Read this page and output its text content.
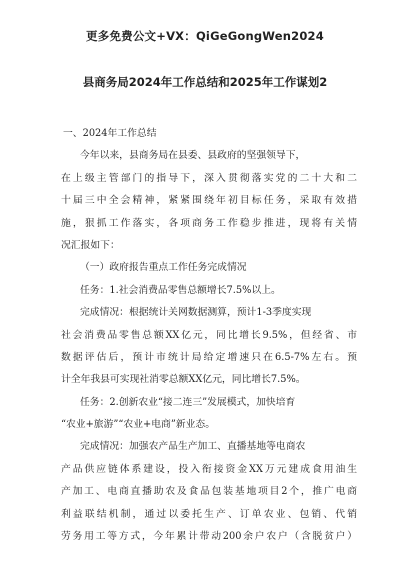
更多免费公文+VX：QiGeGongWen2024
县商务局2024年工作总结和2025年工作谋划2
一、2024年工作总结
今年以来，县商务局在县委、县政府的坚强领导下，
在上级主管部门的指导下，深入贯彻落实党的二十大和二
十届三中全会精神，紧紧围绕年初目标任务，采取有效措
施，狠抓工作落实，各项商务工作稳步推进，现将有关情
况汇报如下：
（一）政府报告重点工作任务完成情况
任务：1.社会消费品零售总额增长7.5%以上。
完成情况：根据统计关网数据测算，预计1-3季度实现
社会消费品零售总额XX亿元，同比增长9.5%，但经省、市
数据评估后，预计市统计局给定增速只在6.5-7%左右。预
计全年我县可实现社消零总额XX亿元，同比增长7.5%。
任务：2.创新农业“接二连三”发展模式，加快培育
“农业+旅游”“农业+电商”新业态。
完成情况：加强农产品生产加工、直播基地等电商农
产品供应链体系建设，投入衔接资金XX万元建成食用油生
产加工、电商直播助农及食品包装基地项目2个，推广电商
利益联结机制，通过以委托生产、订单农业、包销、代销
劳务用工等方式，今年累计带动200余户农户（含脱贫户）
